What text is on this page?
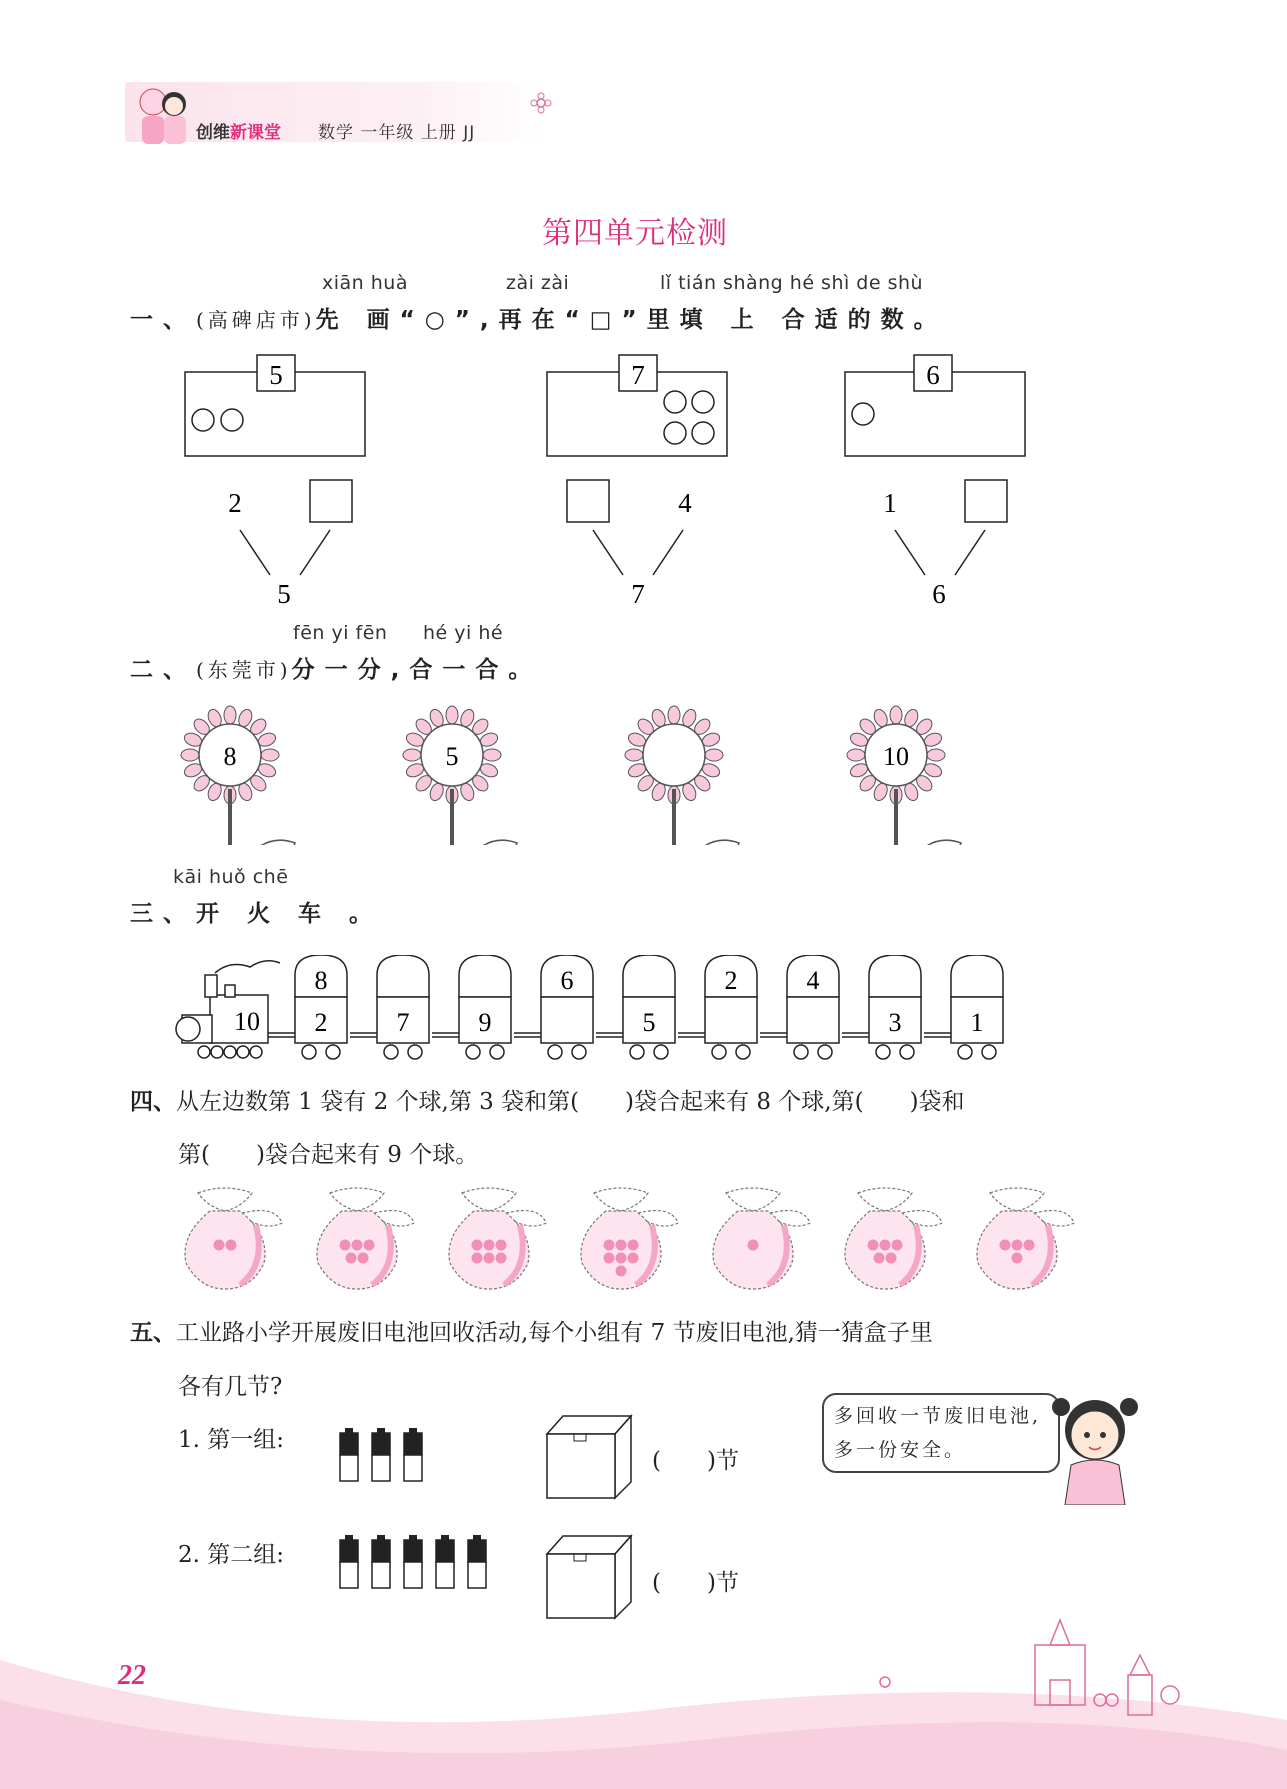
创维新课堂 数学 一年级 上册 JJ
第四单元检测
xiān huà	zài zài	lǐ tián shàng hé shì de shù
一、(高碑店市)先 画“○”,再在“□”里填 上 合适的数。
5
2
5
7
4
7
6
1
6
fēn yi fēn hé yi hé
二、(东莞市)分一分,合一合。
8	5	10
kāi huǒ chē
三、开 火 车 。
10
8
2	7	9
6
5
2	4
3	1
四、从左边数第 1 袋有 2 个球,第 3 袋和第(　　)袋合起来有 8 个球,第(　　)袋和
第(　　)袋合起来有 9 个球。
五、工业路小学开展废旧电池回收活动,每个小组有 7 节废旧电池,猜一猜盒子里
各有几节?
1. 第一组:
2. 第二组:
(　　)节
(　　)节
多回收一节废旧电池,多一份安全。
22
